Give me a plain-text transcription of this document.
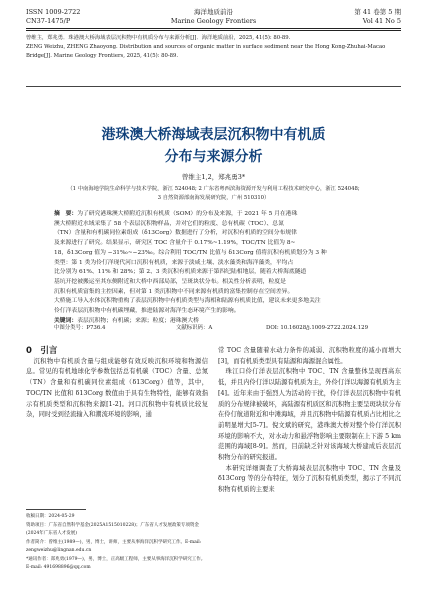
ISSN 1009-2722	海洋地质前沿	第 41 卷第 5 期
CN37-1475/P	Marine Geology Frontiers	Vol 41 No 5

曾维主，郑兆勇．珠港澳大桥海域表层沉积物中有机质分布与来源分析[J]．海洋地质前沿，2025, 41(5): 80-89.

ZENG Weizhu, ZHENG Zhaoyong. Distribution and sources of organic matter in surface sediment near the Hong Kong-Zhuhai-Macao

Bridge[J]. Marine Geology Frontiers, 2025, 41(5): 80-89.

港珠澳大桥海域表层沉积物中有机质
分布与来源分析
曾维主1,2，郑兆勇3*

（1 中南海地学院生命科学与技术学院，浙江 524048; 2 广东省粤西滨海资源开发与利用工程技术研究中心，浙江 524048;

3 自然资源部南海发展研究院，广州 510310）

摘　要：为了研究港珠澳大桥附近沉积有机质（SOM）的分布及来源，于 2021 年 5 月在港珠

澳大桥附近水域采集了 58 个表层沉积物样品，并对它们的粒度、总有机碳（TOC）、总氮

（TN）含量和有机碳同位素组成（δ13Corg）数据进行了分析，对沉积有机质的空间分布规律

及来源进行了研究。结果显示，研究区 TOC 含量介于 0.17%~1.19%，TOC/TN 比值为 8~

18，δ13Corg 值为 −31‰~−23‰。综合利用 TOC/TN 比值与 δ13Corg 值将沉积有机质划分为 3 种

类型：第 1 类为伶仃洋现代河口沉积有机质，来源于淡咸土壤、淡水藻类和海洋藻类，平均占

比分别为 61%、11% 和 28%；第 2、3 类沉积有机质来源于第四纪陆相地层，随着大桥海底隧道

基坑开挖被搬运至其东侧附近和大桥中西部局部，呈斑块状分布。相关性分析表明，粒度是

沉积有机质富集的主控因素，但对第 1 类沉积物中不同来源有机质的富集控制存在空间差异。

大桥施工导入水体沉积物重构了表层沉积物中有机质类型与海相和陆源有机质比值，建议未来更多地关注

伶仃洋表层沉积物中有机碳埋藏，推进陆源对海洋生态环境产生的影响。

关键词：表层沉积物；有机碳；来源；粒度；港珠澳大桥

中图分类号：P736.4	文献标识码：A	DOI: 10.16028/j.1009-2722.2024.129

0　引言

沉积物中有机质含量与组成能够有效反映沉积环境和物源信息。常见的有机地球化学参数包括总有机碳（TOC）含量、总氮（TN）含量和有机碳同位素组成（δ13Corg）值等，其中，TOC/TN 比值和 δ13Corg 数值由于具有生物特性，能够有效指示有机质类型和沉积物来源[1-2]。河口沉积物中有机质比较复杂，同时受到径流输入和潮流环境的影响，通

常 TOC 含量随着水动力条件的减弱、沉积物粒度的减小而增大[3]，而有机质类型具有陆源和海源混合属性。

珠江口伶仃洋表层沉积物中 TOC、TN 含量整体呈现西高东低，并且内伶仃洋以陆源有机质为主，外伶仃洋以海源有机质为主[4]。近年来由于强烈人为活动的干扰，伶仃洋表层沉积物中有机质的分布规律被破坏，高陆源有机质区和沉积物主要呈斑块状分布在伶仃航道附近和中滩海域，并且沉积物中陆源有机质占比相比之前明显增大[5-7]。倪文斌的研究，港珠澳大桥对整个伶仃洋沉积环境的影响不大，对水动力和悬浮物影响主要限制在上下游 5 km 范围的海域[8-9]。然而，目前缺乏针对该海域大桥建成后表层沉积物分布的研究报道。

本研究详细调查了大桥海域表层沉积物中 TOC、TN 含量及 δ13Corg 等的分布特征，划分了沉积有机质类型，揭示了不同沉积物有机质的主要来

收稿日期：2024-05-29

资助项目：广东省自然科学基金(2025A1515010228)；广东省人才发展政策专项资金(2024年广东省人才发展)

作者简介：曾维主(1989—)，男，博士，讲师，主要从事海洋沉积学研究工作。E-mail: zengweizhu@lingnan.edu.cn

*通讯作者：郑兆勇(1979—)，男，博士，正高级工程师，主要从事海洋沉积学研究工作。E-mail: 491698896@qq.com
